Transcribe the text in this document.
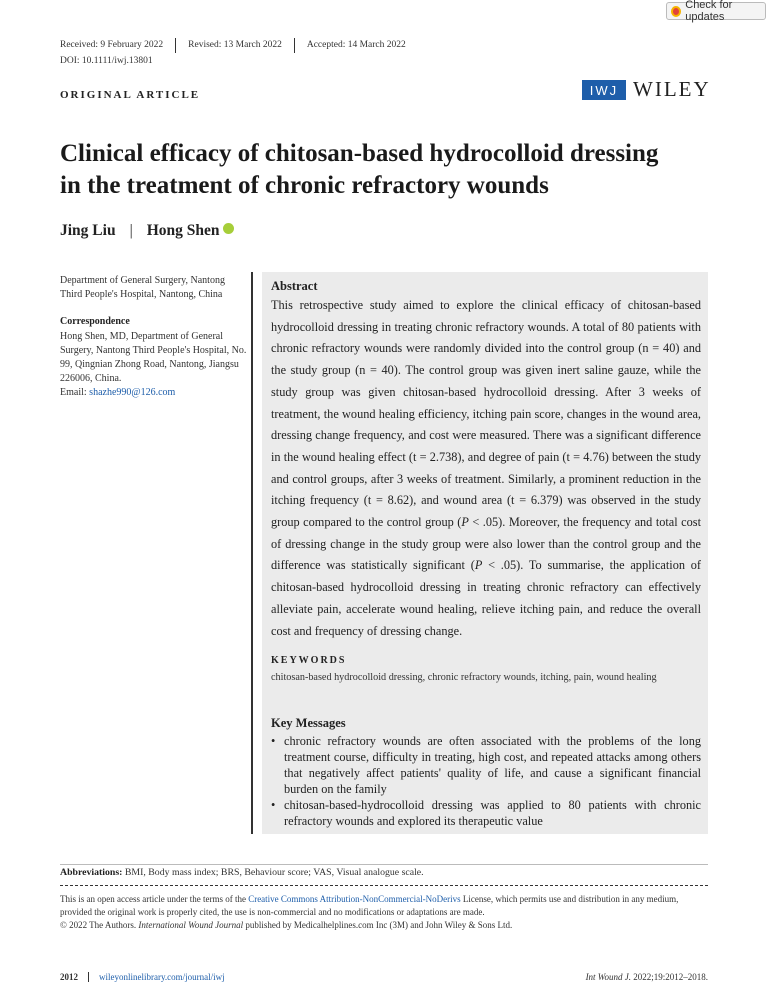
Check for updates
Received: 9 February 2022	Revised: 13 March 2022	Accepted: 14 March 2022
DOI: 10.1111/iwj.13801
ORIGINAL ARTICLE	IWJ WILEY
Clinical efficacy of chitosan-based hydrocolloid dressing
in the treatment of chronic refractory wounds
Jing Liu | Hong Shen
Department of General Surgery, Nantong Third People's Hospital, Nantong, China
Correspondence
Hong Shen, MD, Department of General Surgery, Nantong Third People's Hospital, No. 99, Qingnian Zhong Road, Nantong, Jiangsu 226006, China.
Email: shazhe990@126.com
Abstract
This retrospective study aimed to explore the clinical efficacy of chitosan-based hydrocolloid dressing in treating chronic refractory wounds. A total of 80 patients with chronic refractory wounds were randomly divided into the control group (n = 40) and the study group (n = 40). The control group was given inert saline gauze, while the study group was given chitosan-based hydrocolloid dressing. After 3 weeks of treatment, the wound healing efficiency, itching pain score, changes in the wound area, dressing change frequency, and cost were measured. There was a significant difference in the wound healing effect (t = 2.738), and degree of pain (t = 4.76) between the study and control groups, after 3 weeks of treatment. Similarly, a prominent reduction in the itching frequency (t = 8.62), and wound area (t = 6.379) was observed in the study group compared to the control group (P < .05). Moreover, the frequency and total cost of dressing change in the study group were also lower than the control group and the difference was statistically significant (P < .05). To summarise, the application of chitosan-based hydrocolloid dressing in treating chronic refractory can effectively alleviate pain, accelerate wound healing, relieve itching pain, and reduce the overall cost and frequency of dressing change.
KEYWORDS
chitosan-based hydrocolloid dressing, chronic refractory wounds, itching, pain, wound healing
Key Messages
• chronic refractory wounds are often associated with the problems of the long treatment course, difficulty in treating, high cost, and repeated attacks among others that negatively affect patients' quality of life, and cause a significant financial burden on the family
• chitosan-based-hydrocolloid dressing was applied to 80 patients with chronic refractory wounds and explored its therapeutic value
Abbreviations: BMI, Body mass index; BRS, Behaviour score; VAS, Visual analogue scale.
This is an open access article under the terms of the Creative Commons Attribution-NonCommercial-NoDerivs License, which permits use and distribution in any medium, provided the original work is properly cited, the use is non-commercial and no modifications or adaptations are made.
© 2022 The Authors. International Wound Journal published by Medicalhelplines.com Inc (3M) and John Wiley & Sons Ltd.
2012 wileyonlinelibrary.com/journal/iwj	Int Wound J. 2022;19:2012–2018.
